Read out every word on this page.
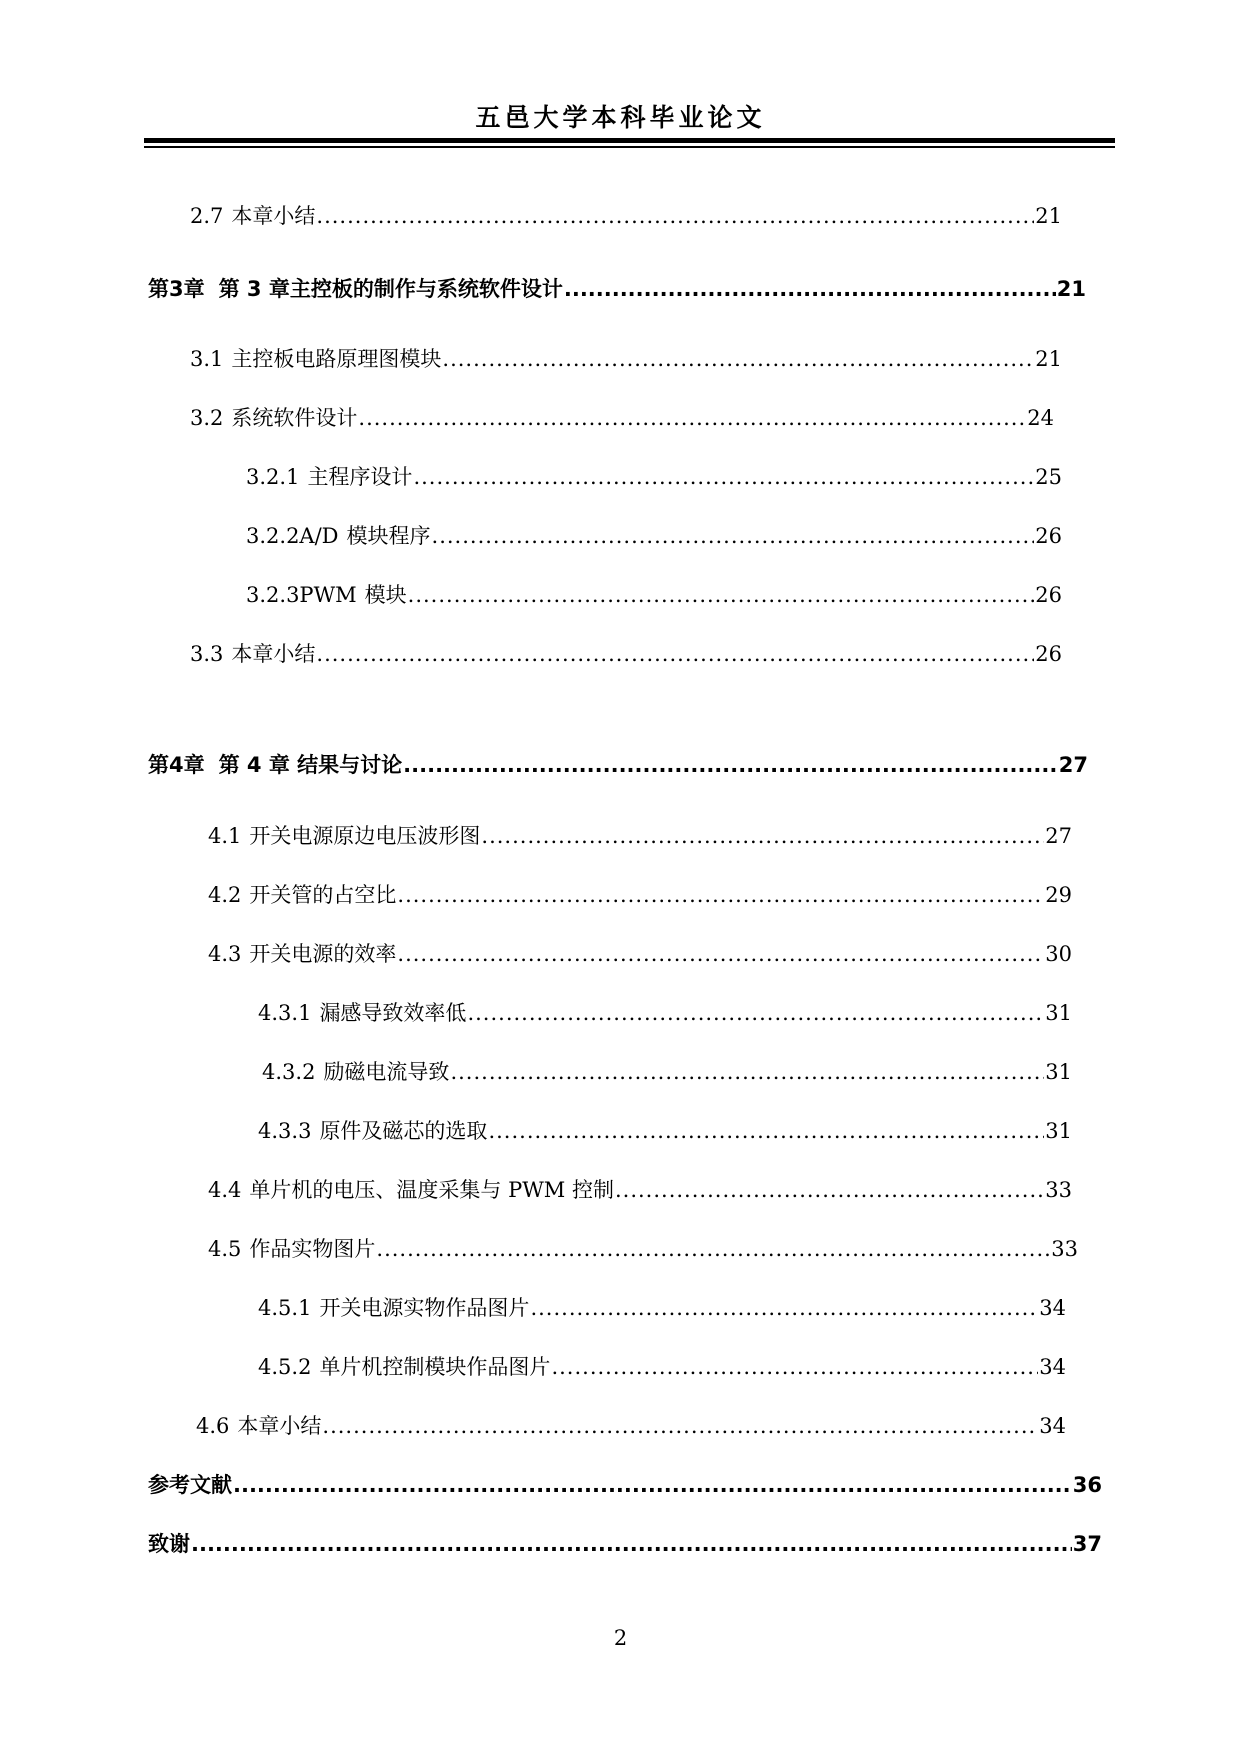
五邑大学本科毕业论文
2.7 本章小结 .....	21
第3章 第 3 章主控板的制作与系统软件设计 .....	21
3.1 主控板电路原理图模块 .....	21
3.2 系统软件设计 .....	24
3.2.1 主程序设计 .....	25
3.2.2A/D 模块程序 .....	26
3.2.3PWM 模块 .....	26
3.3 本章小结 .....	26
第4章 第 4 章 结果与讨论 .....	27
4.1 开关电源原边电压波形图 .....	27
4.2 开关管的占空比 .....	29
4.3 开关电源的效率 .....	30
4.3.1 漏感导致效率低 .....	31
4.3.2 励磁电流导致 .....	31
4.3.3 原件及磁芯的选取 .....	31
4.4 单片机的电压、温度采集与 PWM 控制 .....	33
4.5 作品实物图片 .....	33
4.5.1 开关电源实物作品图片 .....	34
4.5.2 单片机控制模块作品图片 .....	34
4.6 本章小结 .....	34
参考文献 .....	36
致谢 .....	37
2
